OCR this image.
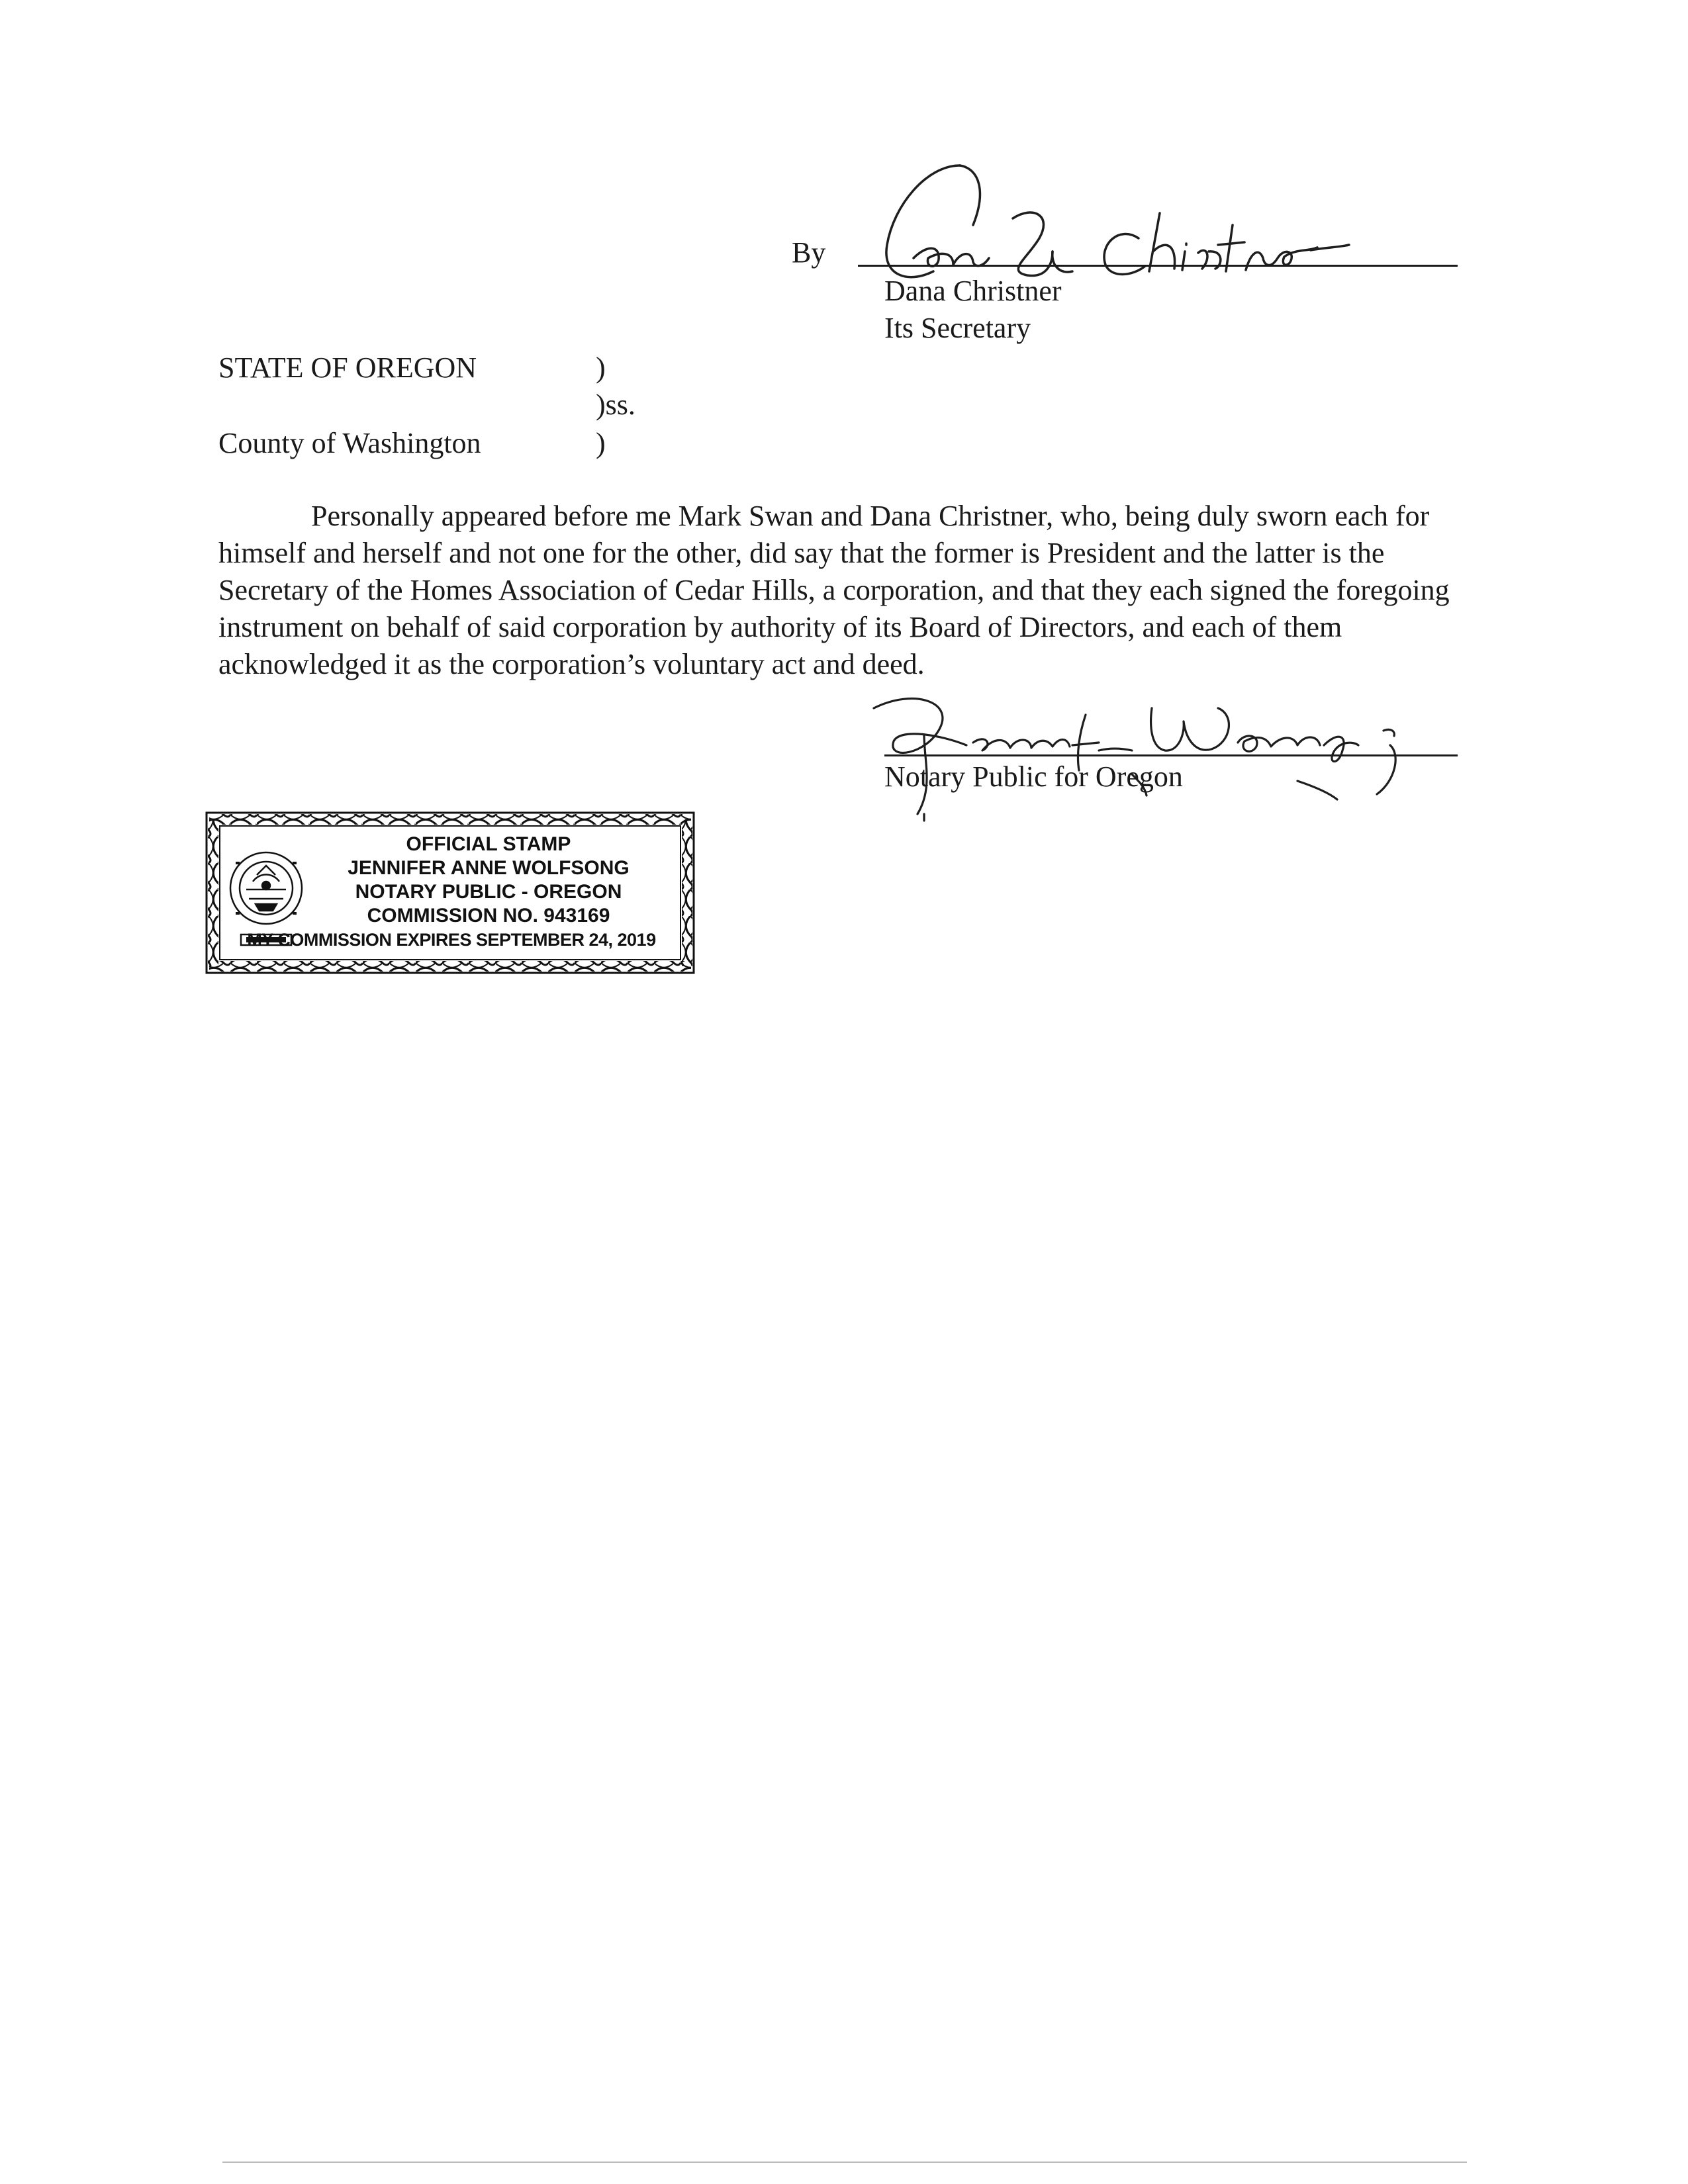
By
Dana Christner
Its Secretary
STATE OF OREGON	)
)ss.
County of Washington	)
Personally appeared before me Mark Swan and Dana Christner, who, being duly sworn each for himself and herself and not one for the other, did say that the former is President and the latter is the Secretary of the Homes Association of Cedar Hills, a corporation, and that they each signed the foregoing instrument on behalf of said corporation by authority of its Board of Directors, and each of them acknowledged it as the corporation’s voluntary act and deed.
Notary Public for Oregon
OFFICIAL STAMP
JENNIFER ANNE WOLFSONG
NOTARY PUBLIC - OREGON
COMMISSION NO. 943169
MY COMMISSION EXPIRES SEPTEMBER 24, 2019
